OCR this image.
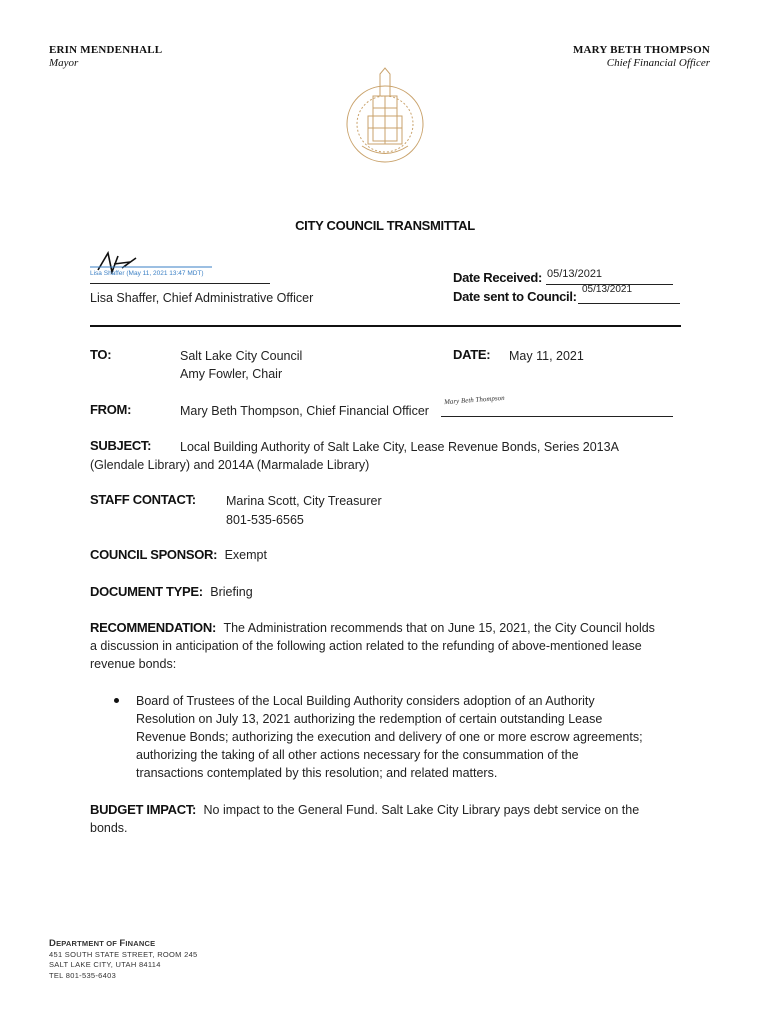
ERIN MENDENHALL
Mayor
MARY BETH THOMPSON
Chief Financial Officer
CITY COUNCIL TRANSMITTAL
Lisa Shaffer (May 11, 2021 13:47 MDT)
Lisa Shaffer, Chief Administrative Officer
Date Received: 05/13/2021
Date sent to Council: 05/13/2021
TO:	Salt Lake City Council
Amy Fowler, Chair
DATE: May 11, 2021
FROM:	Mary Beth Thompson, Chief Financial Officer
Mary Beth Thompson
SUBJECT: Local Building Authority of Salt Lake City, Lease Revenue Bonds, Series 2013A
(Glendale Library) and 2014A (Marmalade Library)
STAFF CONTACT: Marina Scott, City Treasurer
801-535-6565
COUNCIL SPONSOR: Exempt
DOCUMENT TYPE: Briefing
RECOMMENDATION: The Administration recommends that on June 15, 2021, the City Council holds
a discussion in anticipation of the following action related to the refunding of above-mentioned lease
revenue bonds:
Board of Trustees of the Local Building Authority considers adoption of an Authority
Resolution on July 13, 2021 authorizing the redemption of certain outstanding Lease
Revenue Bonds; authorizing the execution and delivery of one or more escrow agreements;
authorizing the taking of all other actions necessary for the consummation of the
transactions contemplated by this resolution; and related matters.
BUDGET IMPACT: No impact to the General Fund. Salt Lake City Library pays debt service on the
bonds.
DEPARTMENT OF FINANCE
451 SOUTH STATE STREET, ROOM 245
SALT LAKE CITY, UTAH 84114
TEL 801-535-6403
